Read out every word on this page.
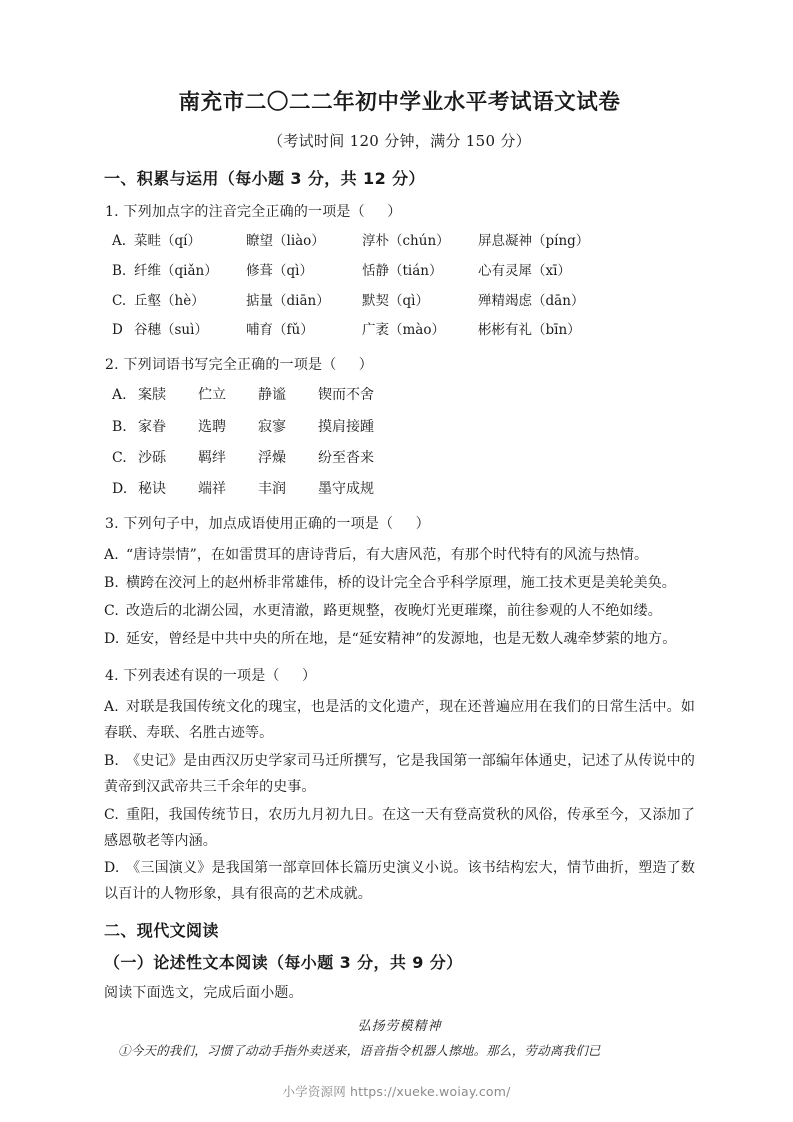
南充市二〇二二年初中学业水平考试语文试卷
（考试时间 120 分钟，满分 150 分）
一、积累与运用（每小题 3 分，共 12 分）
1. 下列加点字的注音完全正确的一项是（ ）
A. 菜畦（qí）	瞭望（liào）	淳朴（chún）	屏息凝神（píng）
B. 纤维（qiǎn）	修葺（qì）	恬静（tián）	心有灵犀（xī）
C. 丘壑（hè）	掂量（diān）	默契（qì）	殚精竭虑（dān）
D 谷穗（suì）	哺育（fǔ）	广袤（mào）	彬彬有礼（bīn）
2. 下列词语书写完全正确的一项是（ ）
A. 案牍	伫立	静谧	锲而不舍
B. 家眷	选聘	寂寥	摸肩接踵
C. 沙砾	羁绊	浮燥	纷至沓来
D. 秘诀	端祥	丰润	墨守成规
3. 下列句子中，加点成语使用正确的一项是（ ）
A. “唐诗崇情”，在如雷贯耳的唐诗背后，有大唐风范，有那个时代特有的风流与热情。
B. 横跨在洨河上的赵州桥非常雄伟，桥的设计完全合乎科学原理，施工技术更是美轮美奂。
C. 改造后的北湖公园，水更清澈，路更规整，夜晚灯光更璀璨，前往参观的人不绝如缕。
D. 延安，曾经是中共中央的所在地，是“延安精神”的发源地，也是无数人魂牵梦萦的地方。
4. 下列表述有误的一项是（ ）
A. 对联是我国传统文化的瑰宝，也是活的文化遗产，现在还普遍应用在我们的日常生活中。如春联、寿联、名胜古迹等。
B. 《史记》是由西汉历史学家司马迁所撰写，它是我国第一部编年体通史，记述了从传说中的黄帝到汉武帝共三千余年的史事。
C. 重阳，我国传统节日，农历九月初九日。在这一天有登高赏秋的风俗，传承至今，又添加了感恩敬老等内涵。
D. 《三国演义》是我国第一部章回体长篇历史演义小说。该书结构宏大，情节曲折，塑造了数以百计的人物形象，具有很高的艺术成就。
二、现代文阅读
（一）论述性文本阅读（每小题 3 分，共 9 分）
阅读下面选文，完成后面小题。
弘扬劳模精神
①今天的我们，习惯了动动手指外卖送来，语音指令机器人擦地。那么，劳动离我们已
小学资源网 https://xueke.woiay.com/
